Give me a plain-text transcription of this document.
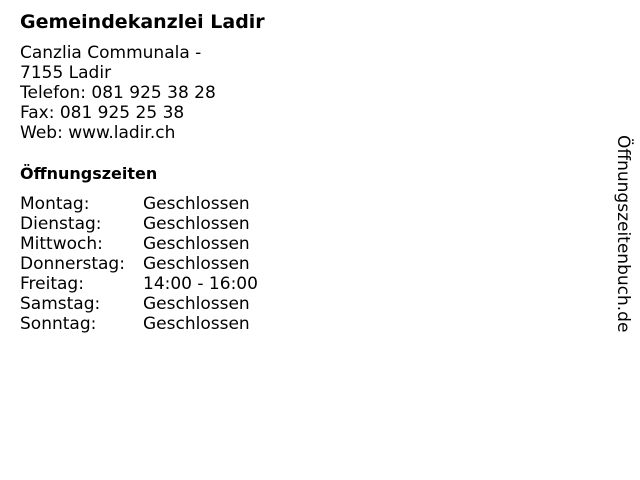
Gemeindekanzlei Ladir
Canzlia Communala -
7155 Ladir
Telefon: 081 925 38 28
Fax: 081 925 25 38
Web: www.ladir.ch
Öffnungszeiten
Montag:	Geschlossen
Dienstag: Geschlossen
Mittwoch: Geschlossen
Donnerstag: Geschlossen
Freitag:	14:00 - 16:00
Samstag:	Geschlossen
Sonntag:	Geschlossen	Öffnungszeitenbuch.de
